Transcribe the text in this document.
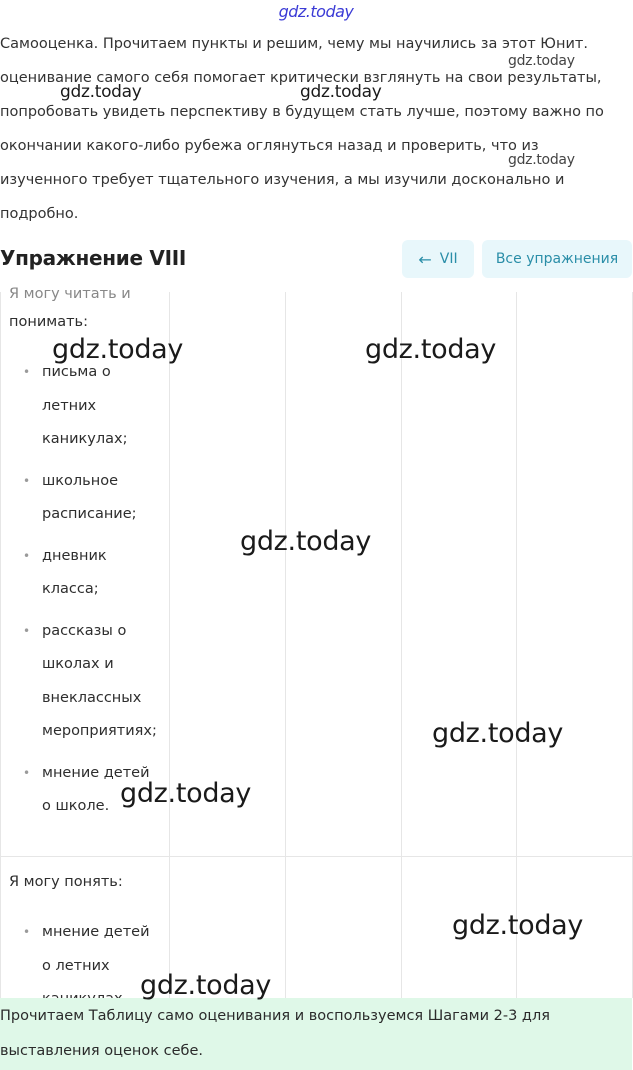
gdz.today

Самооценка. Прочитаем пункты и решим, чему мы научились за этот Юнит.

оценивание самого себя помогает критически взглянуть на свои результаты,

попробовать увидеть перспективу в будущем стать лучше, поэтому важно по

окончании какого-либо рубежа оглянуться назад и проверить, что из

изученного требует тщательного изучения, а мы изучили досконально и

подробно.

gdz.today
gdz.today	gdz.today
gdz.today
Упражнение VIII	← VII	Все упражнения
Я могу читать и
понимать:
• письма о
летних
каникулах;
• школьное
расписание;
• дневник
класса;
• рассказы о
школах и
внеклассных
мероприятиях;
• мнение детей
о школе.
Я могу понять:
• мнение детей
о летних
gdz.today	gdz.today
gdz.today
gdz.today
gdz.today
gdz.today

Прочитаем Таблицу само оценивания и воспользуемся Шагами 2-3 для

выставления оценок себе.

gdz.today
